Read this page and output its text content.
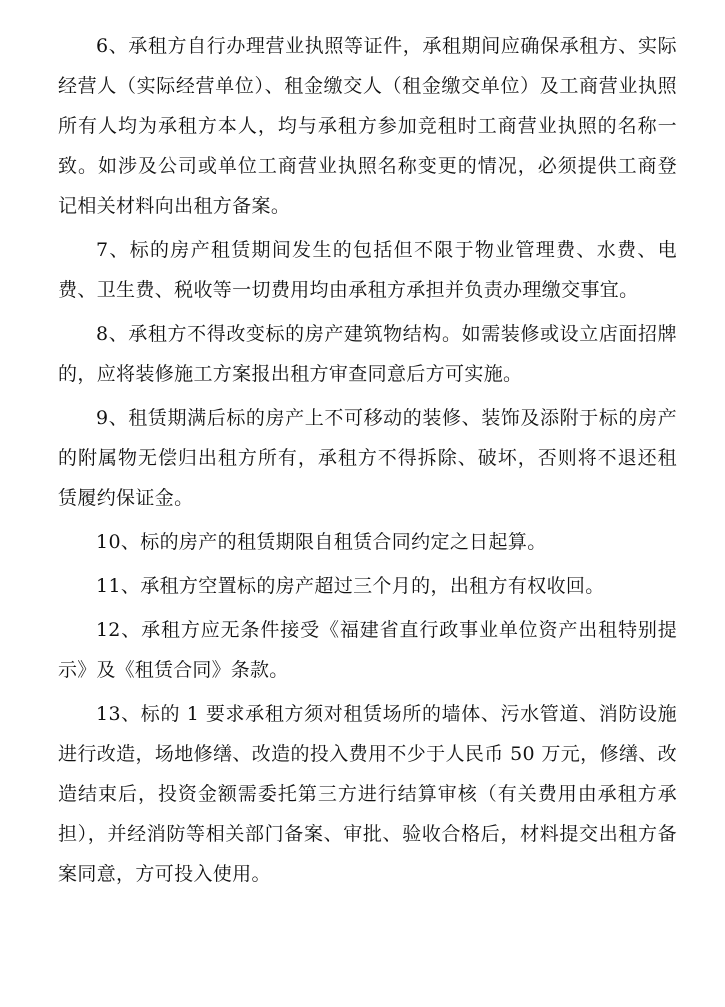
6、承租方自行办理营业执照等证件，承租期间应确保承租方、实际经营人（实际经营单位）、租金缴交人（租金缴交单位）及工商营业执照所有人均为承租方本人，均与承租方参加竞租时工商营业执照的名称一致。如涉及公司或单位工商营业执照名称变更的情况，必须提供工商登记相关材料向出租方备案。

7、标的房产租赁期间发生的包括但不限于物业管理费、水费、电费、卫生费、税收等一切费用均由承租方承担并负责办理缴交事宜。

8、承租方不得改变标的房产建筑物结构。如需装修或设立店面招牌的，应将装修施工方案报出租方审查同意后方可实施。

9、租赁期满后标的房产上不可移动的装修、装饰及添附于标的房产的附属物无偿归出租方所有，承租方不得拆除、破坏，否则将不退还租赁履约保证金。

10、标的房产的租赁期限自租赁合同约定之日起算。

11、承租方空置标的房产超过三个月的，出租方有权收回。

12、承租方应无条件接受《福建省直行政事业单位资产出租特别提示》及《租赁合同》条款。

13、标的 1 要求承租方须对租赁场所的墙体、污水管道、消防设施进行改造，场地修缮、改造的投入费用不少于人民币 50 万元，修缮、改造结束后，投资金额需委托第三方进行结算审核（有关费用由承租方承担），并经消防等相关部门备案、审批、验收合格后，材料提交出租方备案同意，方可投入使用。
